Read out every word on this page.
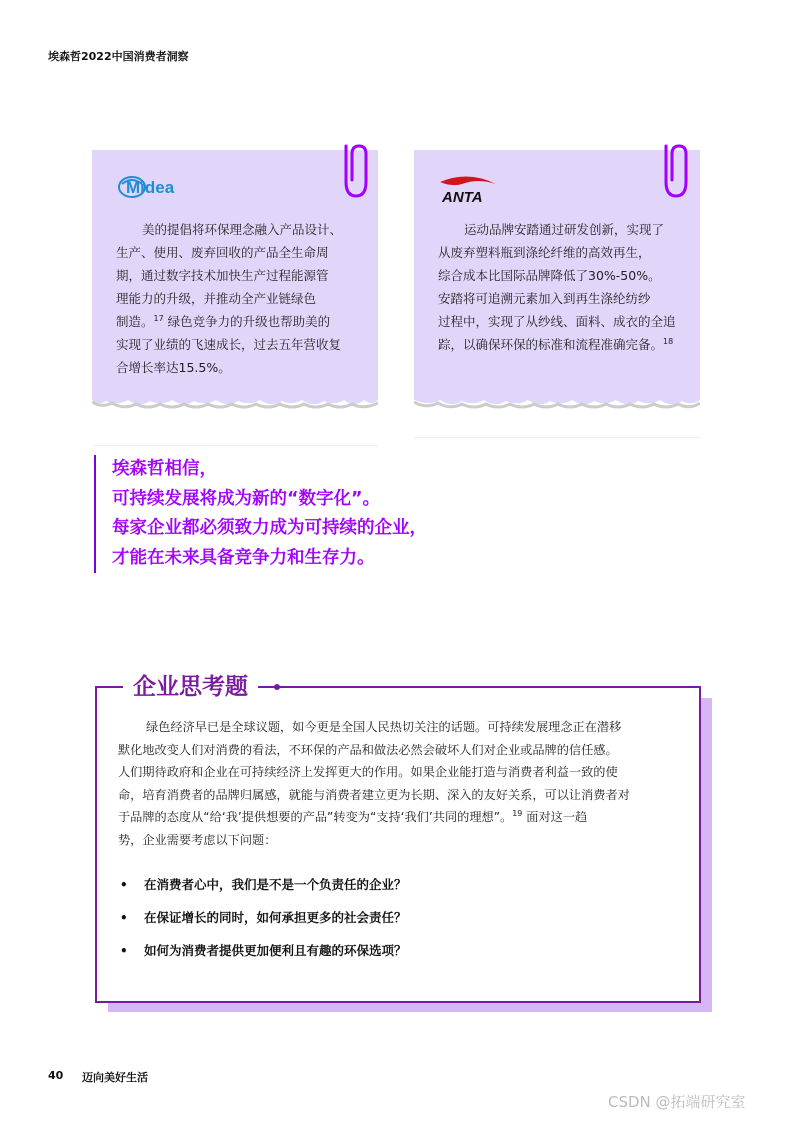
埃森哲2022中国消费者洞察
Midea
美的提倡将环保理念融入产品设计、
生产、使用、废弃回收的产品全生命周
期，通过数字技术加快生产过程能源管
理能力的升级，并推动全产业链绿色
制造。$^{17}$ 绿色竞争力的升级也帮助美的
实现了业绩的飞速成长，过去五年营收复
合增长率达15.5%。
ANTA
运动品牌安踏通过研发创新，实现了
从废弃塑料瓶到涤纶纤维的高效再生，
综合成本比国际品牌降低了30%-50%。
安踏将可追溯元素加入到再生涤纶纺纱
过程中，实现了从纱线、面料、成衣的全追
踪，以确保环保的标准和流程准确完备。$^{18}$
埃森哲相信，
可持续发展将成为新的“数字化”。
每家企业都必须致力成为可持续的企业，
才能在未来具备竞争力和生存力。
企业思考题
绿色经济早已是全球议题，如今更是全国人民热切关注的话题。可持续发展理念正在潜移
默化地改变人们对消费的看法，不环保的产品和做法必然会破坏人们对企业或品牌的信任感。
人们期待政府和企业在可持续经济上发挥更大的作用。如果企业能打造与消费者利益一致的使
命，培育消费者的品牌归属感，就能与消费者建立更为长期、深入的友好关系，可以让消费者对
于品牌的态度从“给‘我’提供想要的产品”转变为“支持‘我们’共同的理想”。$^{19}$ 面对这一趋
势，企业需要考虑以下问题：
• 在消费者心中，我们是不是一个负责任的企业？
• 在保证增长的同时，如何承担更多的社会责任？
• 如何为消费者提供更加便利且有趣的环保选项？
40 迈向美好生活
CSDN @拓端研究室
